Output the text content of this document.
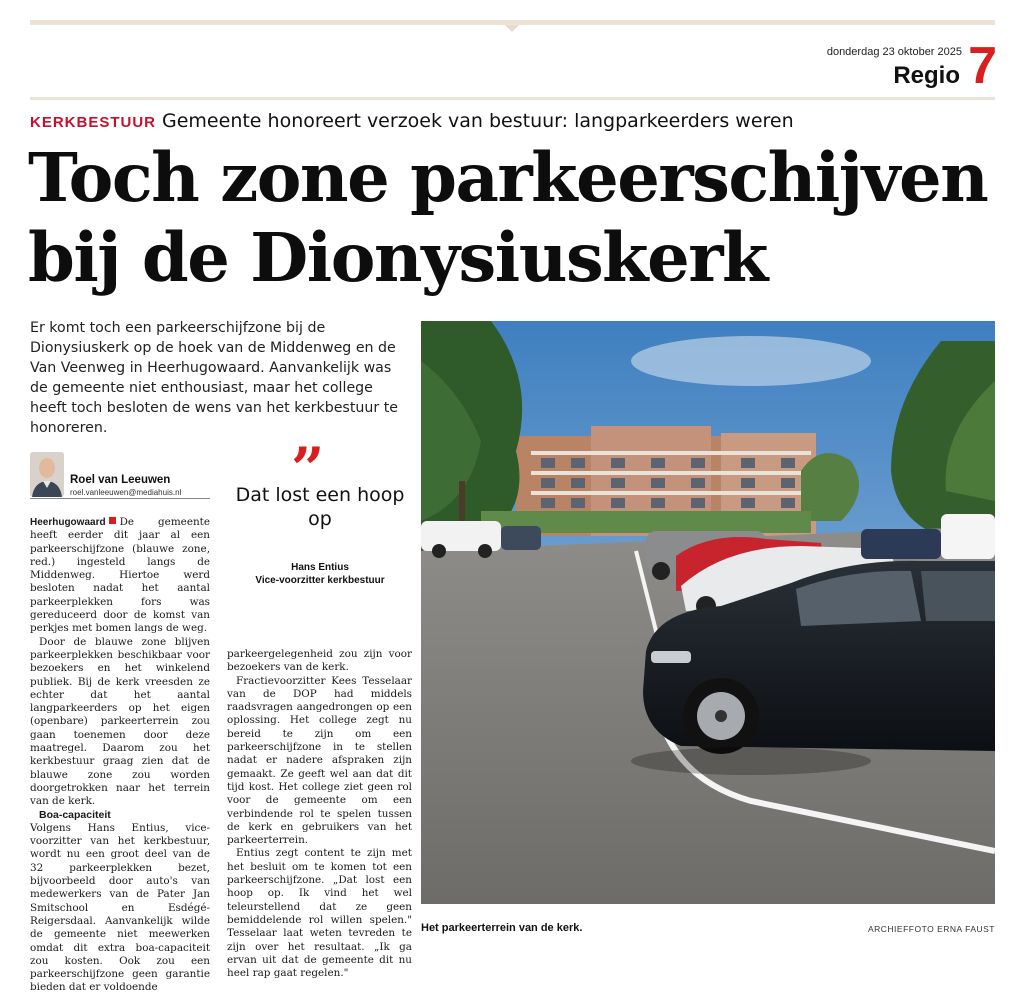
donderdag 23 oktober 2025
Regio 7
KERKBESTUUR Gemeente honoreert verzoek van bestuur: langparkeerders weren
Toch zone parkeerschijven
bij de Dionysiuskerk

Er komt toch een parkeerschijfzone bij de Dionysiuskerk op de hoek van de Middenweg en de Van Veenweg in Heerhugowaard. Aanvankelijk was de gemeente niet enthousiast, maar het college heeft toch besloten de wens van het kerkbestuur te honoreren.

Roel van Leeuwen
roel.vanleeuwen@mediahuis.nl ”
Dat lost een hoop op
Hans Entius
Vice-voorzitter kerkbestuur

Heerhugowaard De gemeente heeft eerder dit jaar al een parkeerschijfzone (blauwe zone, red.) ingesteld langs de Middenweg. Hiertoe werd besloten nadat het aantal parkeerplekken fors was gereduceerd door de komst van perkjes met bomen langs de weg.

Door de blauwe zone blijven parkeerplekken beschikbaar voor bezoekers en het winkelend publiek. Bij de kerk vreesden ze echter dat het aantal langparkeerders op het eigen (openbare) parkeerterrein zou gaan toenemen door deze maatregel. Daarom zou het kerkbestuur graag zien dat de blauwe zone zou worden doorgetrokken naar het terrein van de kerk.

Boa-capaciteit

Volgens Hans Entius, vice-voorzitter van het kerkbestuur, wordt nu een groot deel van de 32 parkeerplekken bezet, bijvoorbeeld door auto's van medewerkers van de Pater Jan Smitschool en Esdégé-Reigersdaal. Aanvankelijk wilde de gemeente niet meewerken omdat dit extra boa-capaciteit zou kosten. Ook zou een parkeerschijfzone geen garantie bieden dat er voldoende

parkeergelegenheid zou zijn voor bezoekers van de kerk.

Fractievoorzitter Kees Tesselaar van de DOP had middels raadsvragen aangedrongen op een oplossing. Het college zegt nu bereid te zijn om een parkeerschijfzone in te stellen nadat er nadere afspraken zijn gemaakt. Ze geeft wel aan dat dit tijd kost. Het college ziet geen rol voor de gemeente om een verbindende rol te spelen tussen de kerk en gebruikers van het parkeerterrein.

Entius zegt content te zijn met het besluit om te komen tot een parkeerschijfzone. „Dat lost een hoop op. Ik vind het wel teleurstellend dat ze geen bemiddelende rol willen spelen." Tesselaar laat weten tevreden te zijn over het resultaat. „Ik ga ervan uit dat de gemeente dit nu heel rap gaat regelen."

Het parkeerterrein van de kerk.	ARCHIEFFOTO ERNA FAUST
